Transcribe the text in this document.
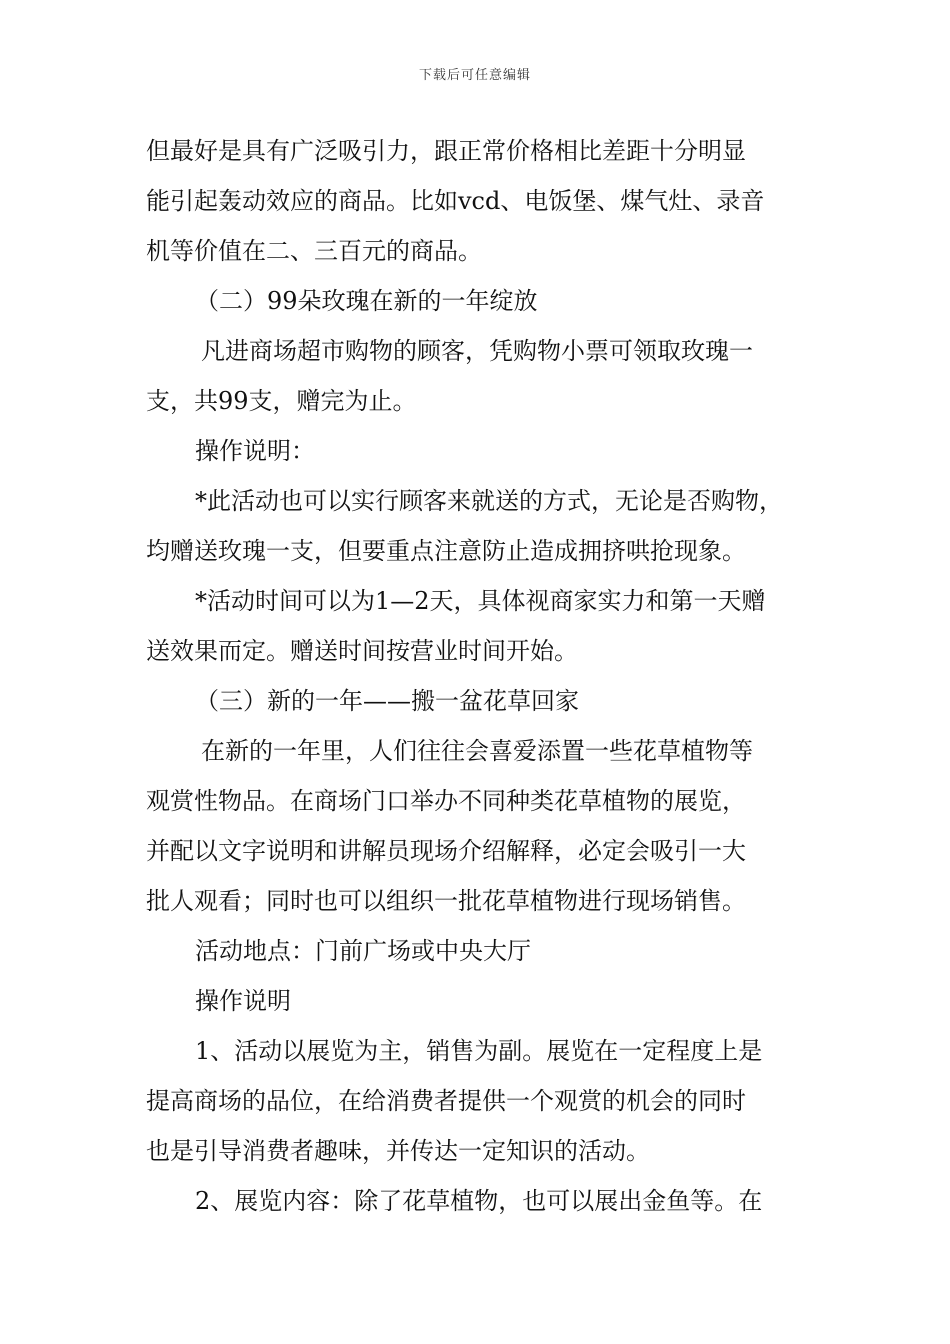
下载后可任意编辑
但最好是具有广泛吸引力，跟正常价格相比差距十分明显
能引起轰动效应的商品。比如vcd、电饭堡、煤气灶、录音
机等价值在二、三百元的商品。
（二）99朵玫瑰在新的一年绽放
凡进商场超市购物的顾客，凭购物小票可领取玫瑰一
支，共99支，赠完为止。
操作说明：
*此活动也可以实行顾客来就送的方式，无论是否购物，
均赠送玫瑰一支，但要重点注意防止造成拥挤哄抢现象。
*活动时间可以为1—2天，具体视商家实力和第一天赠
送效果而定。赠送时间按营业时间开始。
（三）新的一年——搬一盆花草回家
在新的一年里，人们往往会喜爱添置一些花草植物等
观赏性物品。在商场门口举办不同种类花草植物的展览，
并配以文字说明和讲解员现场介绍解释，必定会吸引一大
批人观看；同时也可以组织一批花草植物进行现场销售。
活动地点：门前广场或中央大厅
操作说明
1、活动以展览为主，销售为副。展览在一定程度上是
提高商场的品位，在给消费者提供一个观赏的机会的同时
也是引导消费者趣味，并传达一定知识的活动。
2、展览内容：除了花草植物，也可以展出金鱼等。在
